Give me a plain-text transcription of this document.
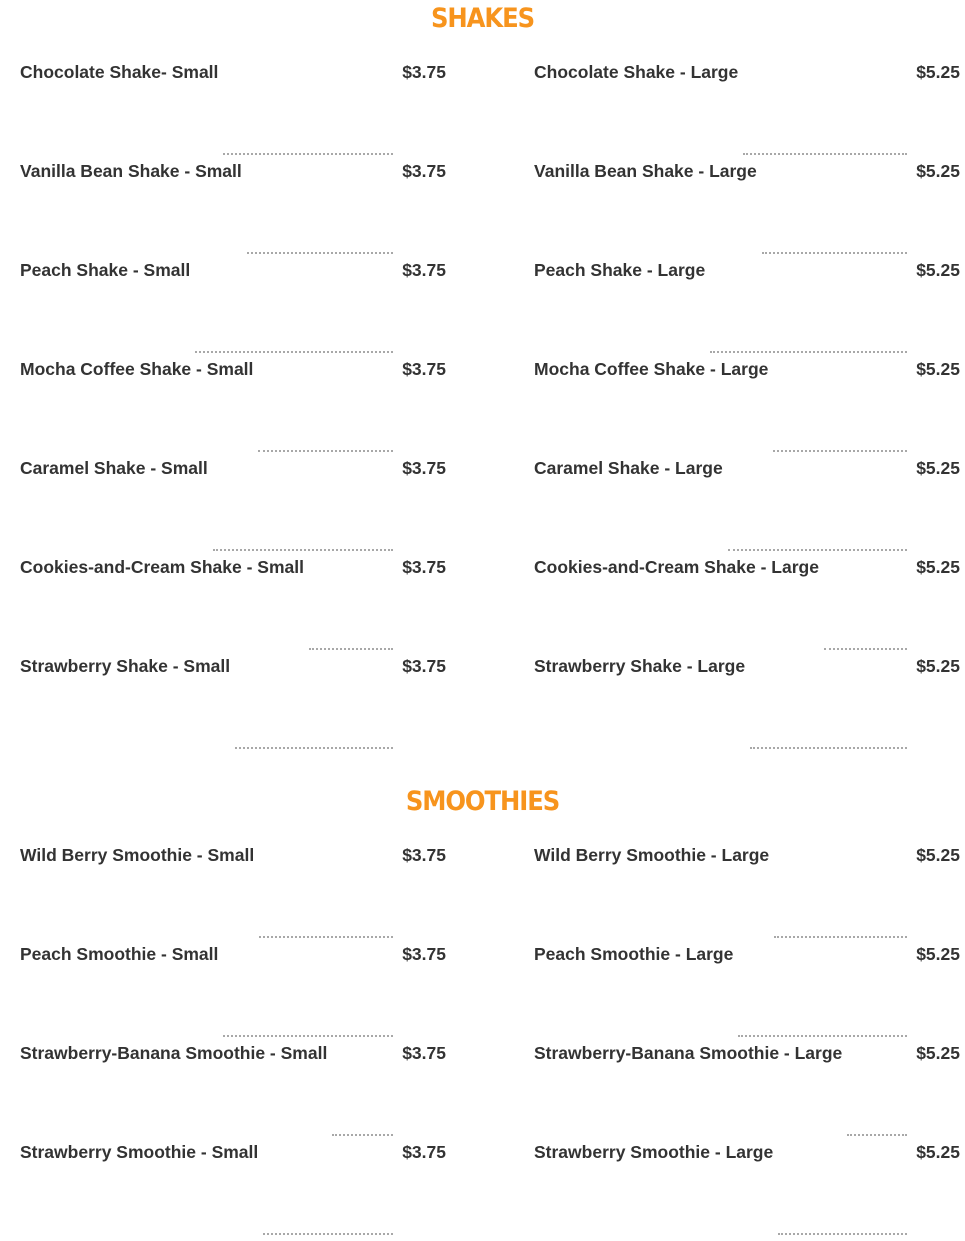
SHAKES
Chocolate Shake- Small	$3.75	Chocolate Shake - Large	$5.25
Vanilla Bean Shake - Small	$3.75	Vanilla Bean Shake - Large	$5.25
Peach Shake - Small	$3.75	Peach Shake - Large	$5.25
Mocha Coffee Shake - Small	$3.75	Mocha Coffee Shake - Large	$5.25
Caramel Shake - Small	$3.75	Caramel Shake - Large	$5.25
Cookies-and-Cream Shake - Small	$3.75	Cookies-and-Cream Shake - Large	$5.25
Strawberry Shake - Small	$3.75	Strawberry Shake - Large	$5.25
SMOOTHIES
Wild Berry Smoothie - Small	$3.75	Wild Berry Smoothie - Large	$5.25
Peach Smoothie - Small	$3.75	Peach Smoothie - Large	$5.25
Strawberry-Banana Smoothie - Small	$3.75	Strawberry-Banana Smoothie - Large	$5.25
Strawberry Smoothie - Small	$3.75	Strawberry Smoothie - Large	$5.25
